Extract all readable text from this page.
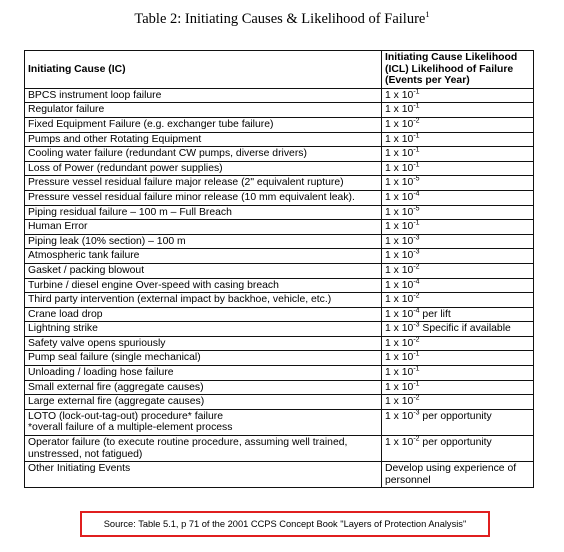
Table 2: Initiating Causes & Likelihood of Failure$^1$
Initiating Cause (IC)	Initiating Cause Likelihood (ICL) Likelihood of Failure (Events per Year)
BPCS instrument loop failure	1 x $10^{-1}$
Regulator failure	1 x $10^{-1}$
Fixed Equipment Failure (e.g. exchanger tube failure)	1 x $10^{-2}$
Pumps and other Rotating Equipment	1 x $10^{-1}$
Cooling water failure (redundant CW pumps, diverse drivers)	1 x $10^{-1}$
Loss of Power (redundant power supplies)	1 x $10^{-1}$
Pressure vessel residual failure major release (2" equivalent rupture)	1 x $10^{-5}$
Pressure vessel residual failure minor release (10 mm equivalent leak).	1 x $10^{-4}$
Piping residual failure – 100 m – Full Breach	1 x $10^{-5}$
Human Error	1 x $10^{-1}$
Piping leak (10% section) – 100 m	1 x $10^{-3}$
Atmospheric tank failure	1 x $10^{-3}$
Gasket / packing blowout	1 x $10^{-2}$
Turbine / diesel engine Over-speed with casing breach	1 x $10^{-4}$
Third party intervention (external impact by backhoe, vehicle, etc.)	1 x $10^{-2}$
Crane load drop	1 x $10^{-4}$ per lift
Lightning strike	1 x $10^{-3}$ Specific if available
Safety valve opens spuriously	1 x $10^{-2}$
Pump seal failure (single mechanical)	1 x $10^{-1}$
Unloading / loading hose failure	1 x $10^{-1}$
Small external fire (aggregate causes)	1 x $10^{-1}$
Large external fire (aggregate causes)	1 x $10^{-2}$
LOTO (lock-out-tag-out) procedure* failure
*overall failure of a multiple-element process	1 x $10^{-3}$ per opportunity
Operator failure (to execute routine procedure, assuming well trained, unstressed, not fatigued)	1 x $10^{-2}$ per opportunity
Other Initiating Events	Develop using experience of personnel
Source: Table 5.1, p 71 of the 2001 CCPS Concept Book "Layers of Protection Analysis"
